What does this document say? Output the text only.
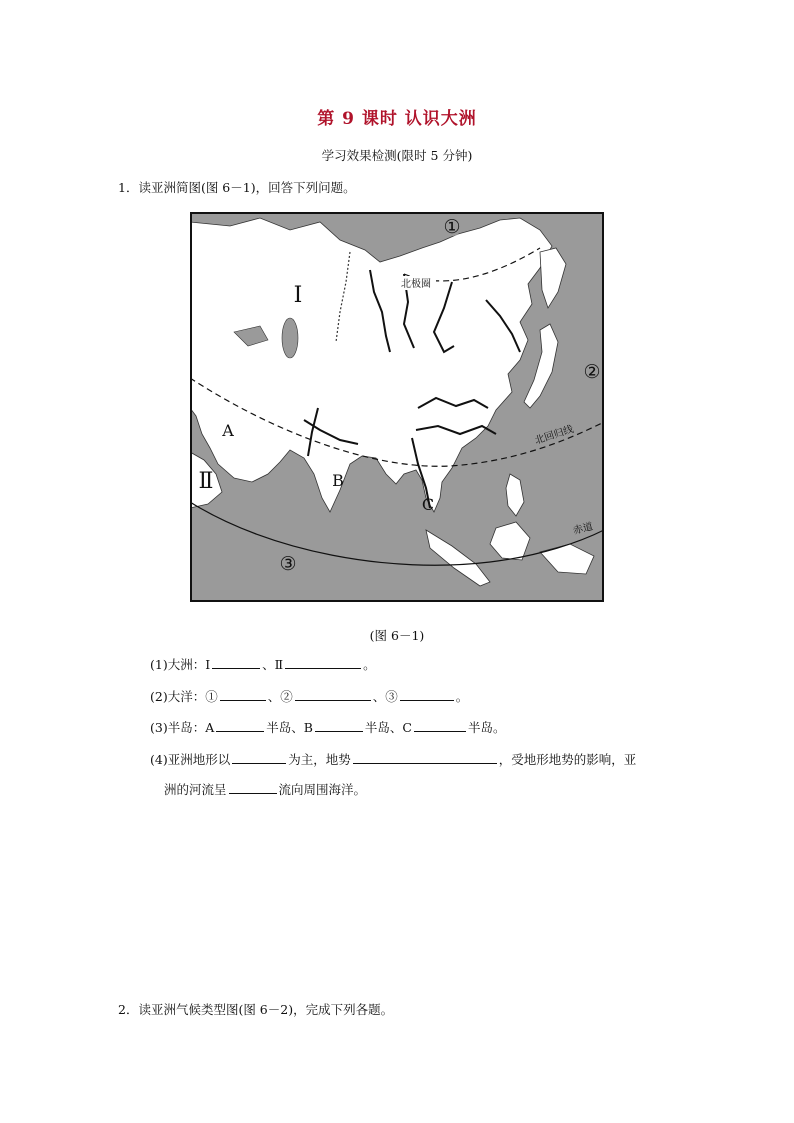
第 9 课时 认识大洲
学习效果检测(限时 5 分钟)
1．读亚洲简图(图 6－1)，回答下列问题。
北极圈
北回归线
赤道
Ⅰ
Ⅱ
①
②
③
A
B
C
(图 6－1)
(1)大洲：Ⅰ	、Ⅱ	。
(2)大洋：①	、②	、③	。
(3)半岛：A	半岛、B	半岛、C	半岛。
(4)亚洲地形以	为主，地势	，受地形地势的影响，亚
洲的河流呈	流向周围海洋。
2．读亚洲气候类型图(图 6－2)，完成下列各题。
